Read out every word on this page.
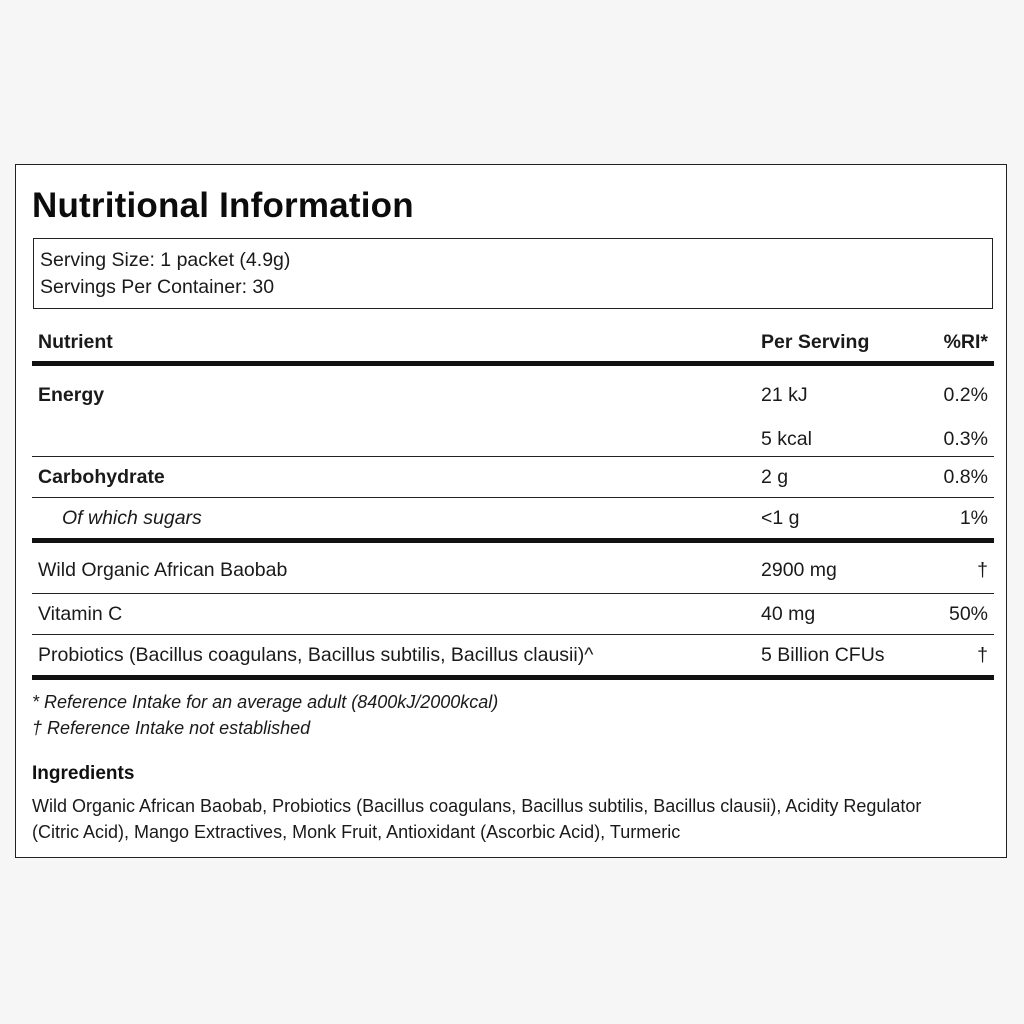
Nutritional Information
Serving Size: 1 packet (4.9g)
Servings Per Container: 30
Nutrient	Per Serving	%RI*
Energy	21 kJ	0.2%
	5 kcal	0.3%
Carbohydrate	2 g	0.8%
Of which sugars	<1 g	1%
Wild Organic African Baobab	2900 mg	†
Vitamin C	40 mg	50%
Probiotics (Bacillus coagulans, Bacillus subtilis, Bacillus clausii)^	5 Billion CFUs	†
* Reference Intake for an average adult (8400kJ/2000kcal)
† Reference Intake not established
Ingredients
Wild Organic African Baobab, Probiotics (Bacillus coagulans, Bacillus subtilis, Bacillus clausii), Acidity Regulator (Citric Acid), Mango Extractives, Monk Fruit, Antioxidant (Ascorbic Acid), Turmeric
